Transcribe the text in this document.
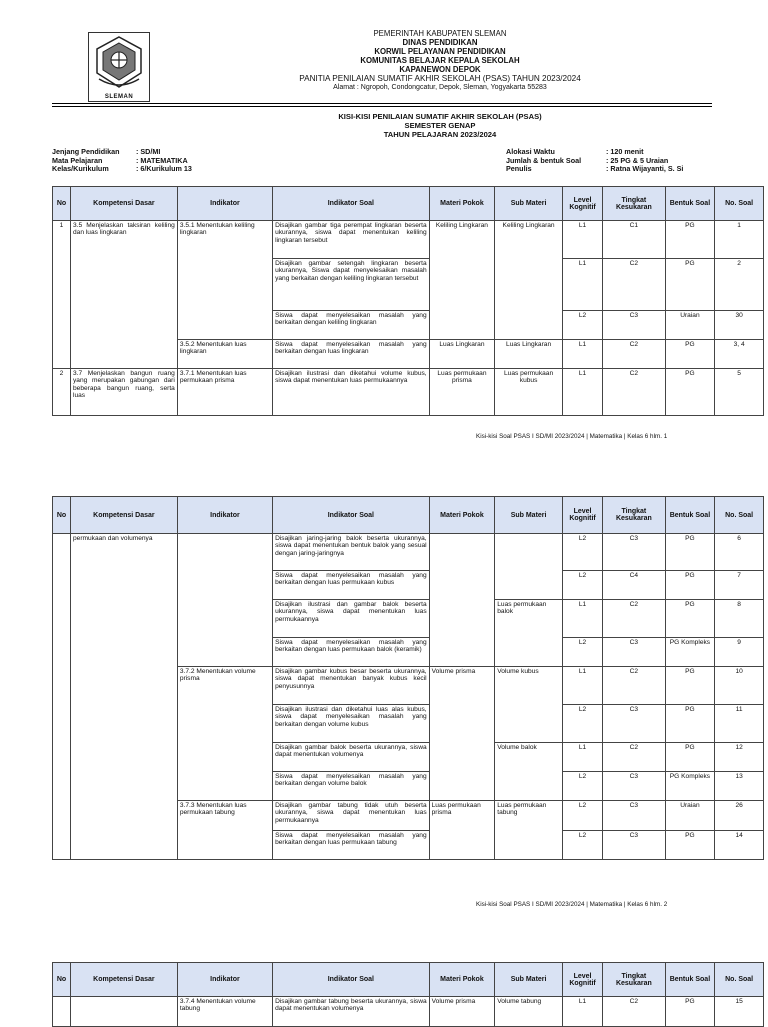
SLEMAN
PEMERINTAH KABUPATEN SLEMAN
DINAS PENDIDIKAN
KORWIL PELAYANAN PENDIDIKAN
KOMUNITAS BELAJAR KEPALA SEKOLAH
KAPANEWON DEPOK
PANITIA PENILAIAN SUMATIF AKHIR SEKOLAH (PSAS) TAHUN 2023/2024
Alamat : Ngropoh, Condongcatur, Depok, Sleman, Yogyakarta 55283
KISI-KISI PENILAIAN SUMATIF AKHIR SEKOLAH (PSAS)
SEMESTER GENAP
TAHUN PELAJARAN 2023/2024
Jenjang Pendidikan : SD/MI
Mata Pelajaran	: MATEMATIKA
Kelas/Kurikulum	: 6/Kurikulum 13
Alokasi Waktu	: 120 menit
Jumlah & bentuk Soal	: 25 PG & 5 Uraian
Penulis	: Ratna Wijayanti, S. Si
No	Kompetensi Dasar	Indikator	Indikator Soal	Materi Pokok	Sub Materi	Level Kognitif	Tingkat Kesukaran	Bentuk Soal	No. Soal
1	3.5 Menjelaskan taksiran keliling dan luas lingkaran	3.5.1 Menentukan keliling lingkaran	Disajikan gambar tiga perempat lingkaran beserta ukurannya, siswa dapat menentukan keliling lingkaran tersebut	Keliling Lingkaran	Keliling Lingkaran	L1	C1	PG	1
			Disajikan gambar setengah lingkaran beserta ukurannya, Siswa dapat menyelesaikan masalah yang berkaitan dengan keliling lingkaran tersebut			L1	C2	PG	2
			Siswa dapat menyelesaikan masalah yang berkaitan dengan keliling lingkaran			L2	C3	Uraian	30
		3.5.2 Menentukan luas lingkaran	Siswa dapat menyelesaikan masalah yang berkaitan dengan luas lingkaran	Luas Lingkaran	Luas Lingkaran	L1	C2	PG	3, 4
2	3.7 Menjelaskan bangun ruang yang merupakan gabungan dari beberapa bangun ruang, serta luas	3.7.1 Menentukan luas permukaan prisma	Disajikan ilustrasi dan diketahui volume kubus, siswa dapat menentukan luas permukaannya	Luas permukaan prisma	Luas permukaan kubus	L1	C2	PG	5
Kisi-kisi Soal PSAS I SD/MI 2023/2024 | Matematika | Kelas 6 hlm. 1
No	Kompetensi Dasar	Indikator	Indikator Soal	Materi Pokok	Sub Materi	Level Kognitif	Tingkat Kesukaran	Bentuk Soal	No. Soal
	permukaan dan volumenya		Disajikan jaring-jaring balok beserta ukurannya, siswa dapat menentukan bentuk balok yang sesual dengan jaring-jaringnya			L2	C3	PG	6
			Siswa dapat menyelesaikan masalah yang berkaitan dengan luas permukaan kubus			L2	C4	PG	7
			Disajikan ilustrasi dan gambar balok beserta ukurannya, siswa dapat menentukan luas permukaannya		Luas permukaan balok	L1	C2	PG	8
			Siswa dapat menyelesaikan masalah yang berkaitan dengan luas permukaan balok (keramik)			L2	C3	PG Kompleks	9
		3.7.2 Menentukan volume prisma	Disajikan gambar kubus besar beserta ukurannya, siswa dapat menentukan banyak kubus kecil penyusunnya	Volume prisma	Volume kubus	L1	C2	PG	10
			Disajikan ilustrasi dan diketahui luas alas kubus, siswa dapat menyelesaikan masalah yang berkaitan dengan volume kubus			L2	C3	PG	11
			Disajikan gambar balok beserta ukurannya, siswa dapat menentukan volumenya		Volume balok	L1	C2	PG	12
			Siswa dapat menyelesaikan masalah yang berkaitan dengan volume balok			L2	C3	PG Kompleks	13
		3.7.3 Menentukan luas permukaan tabung	Disajikan gambar tabung tidak utuh beserta ukurannya, siswa dapat menentukan luas permukaannya	Luas permukaan prisma	Luas permukaan tabung	L2	C3	Uraian	26
			Siswa dapat menyelesaikan masalah yang berkaitan dengan luas permukaan tabung			L2	C3	PG	14
Kisi-kisi Soal PSAS I SD/MI 2023/2024 | Matematika | Kelas 6 hlm. 2
No	Kompetensi Dasar	Indikator	Indikator Soal	Materi Pokok	Sub Materi	Level Kognitif	Tingkat Kesukaran	Bentuk Soal	No. Soal
		3.7.4 Menentukan volume tabung	Disajikan gambar tabung beserta ukurannya, siswa dapat menentukan volumenya	Volume prisma	Volume tabung	L1	C2	PG	15
